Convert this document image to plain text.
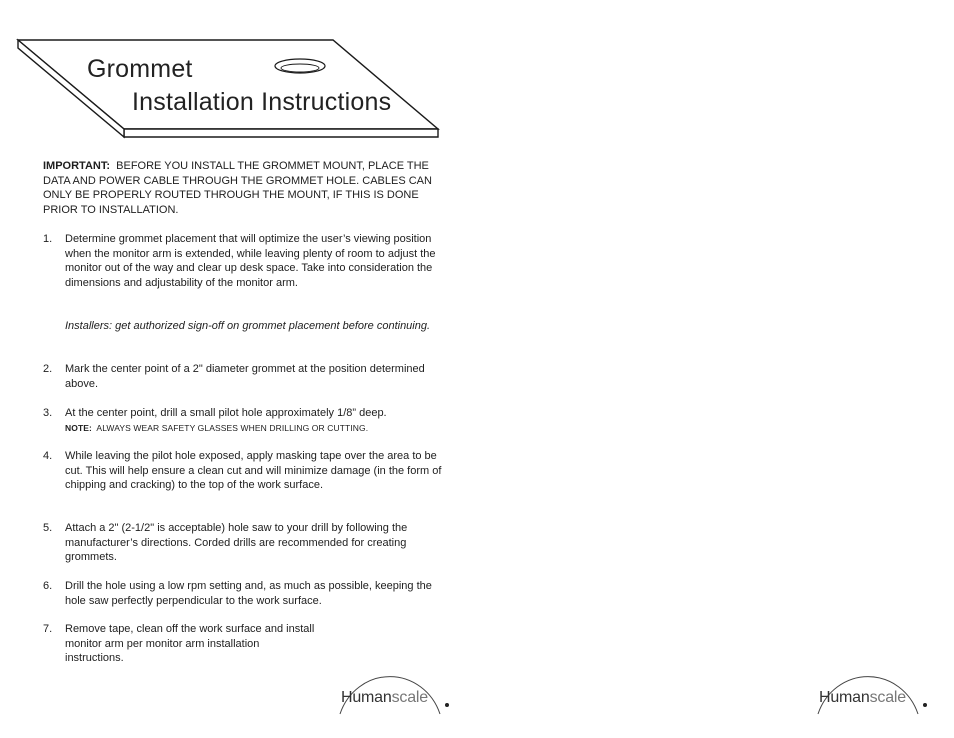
Grommet
Installation Instructions
IMPORTANT: BEFORE YOU INSTALL THE GROMMET MOUNT, PLACE THE DATA AND POWER CABLE THROUGH THE GROMMET HOLE. CABLES CAN ONLY BE PROPERLY ROUTED THROUGH THE MOUNT, IF THIS IS DONE PRIOR TO INSTALLATION.
1. Determine grommet placement that will optimize the user’s viewing position when the monitor arm is extended, while leaving plenty of room to adjust the monitor out of the way and clear up desk space. Take into consideration the dimensions and adjustability of the monitor arm.
Installers: get authorized sign-off on grommet placement before continuing.
2. Mark the center point of a 2" diameter grommet at the position determined above.
3. At the center point, drill a small pilot hole approximately 1/8” deep.
NOTE: ALWAYS WEAR SAFETY GLASSES WHEN DRILLING OR CUTTING.
4. While leaving the pilot hole exposed, apply masking tape over the area to be cut. This will help ensure a clean cut and will minimize damage (in the form of chipping and cracking) to the top of the work surface.
5. Attach a 2" (2-1/2" is acceptable) hole saw to your drill by following the manufacturer’s directions. Corded drills are recommended for creating grommets.
6. Drill the hole using a low rpm setting and, as much as possible, keeping the hole saw perfectly perpendicular to the work surface.
7. Remove tape, clean off the work surface and install monitor arm per monitor arm installation instructions.
Humanscale	Humanscale
